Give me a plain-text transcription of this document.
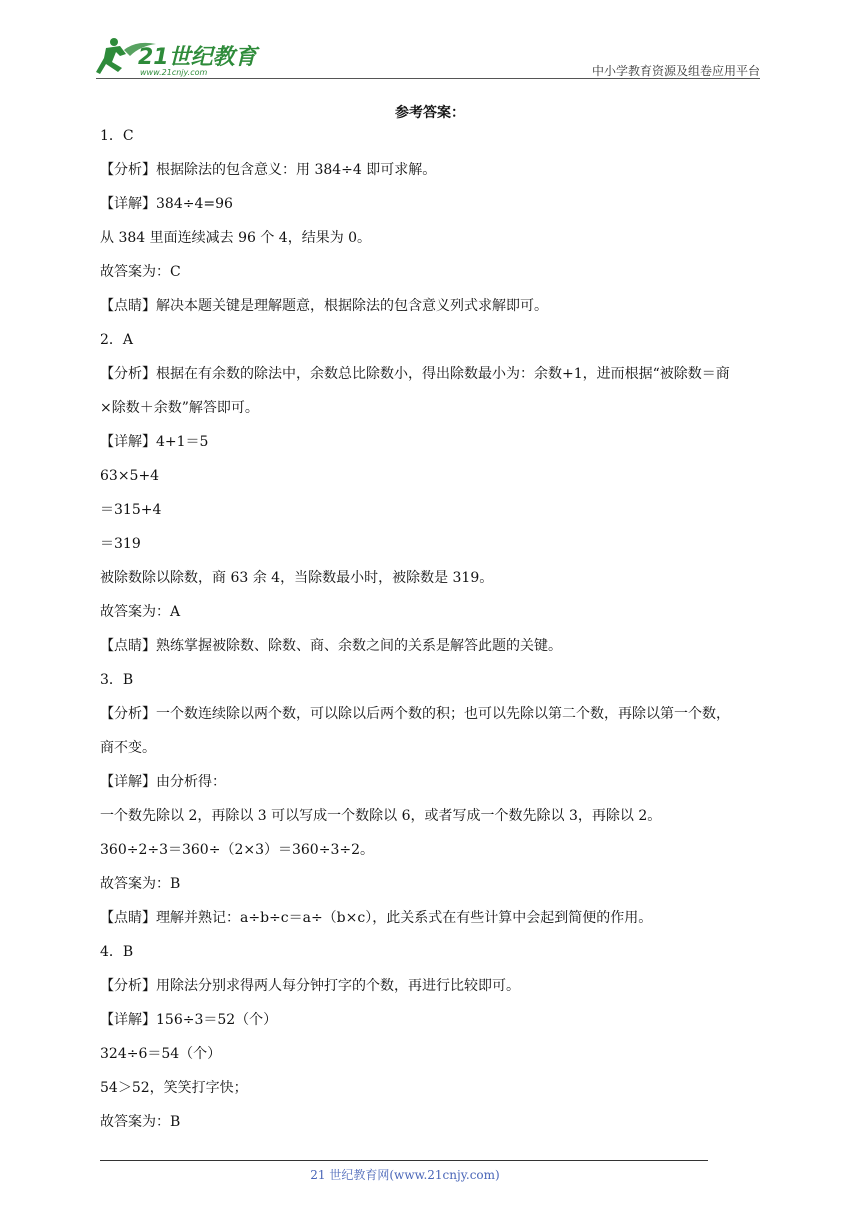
21世纪教育
www.21cnjy.com	中小学教育资源及组卷应用平台
参考答案：
1．C
【分析】根据除法的包含意义：用 384÷4 即可求解。
【详解】384÷4=96
从 384 里面连续减去 96 个 4，结果为 0。
故答案为：C
【点睛】解决本题关键是理解题意，根据除法的包含意义列式求解即可。
2．A
【分析】根据在有余数的除法中，余数总比除数小，得出除数最小为：余数+1，进而根据“被除数＝商
×除数＋余数”解答即可。
【详解】4+1＝5
63×5+4
＝315+4
＝319
被除数除以除数，商 63 余 4，当除数最小时，被除数是 319。
故答案为：A
【点睛】熟练掌握被除数、除数、商、余数之间的关系是解答此题的关键。
3．B
【分析】一个数连续除以两个数，可以除以后两个数的积；也可以先除以第二个数，再除以第一个数，
商不变。
【详解】由分析得：
一个数先除以 2，再除以 3 可以写成一个数除以 6，或者写成一个数先除以 3，再除以 2。
360÷2÷3＝360÷（2×3）＝360÷3÷2。
故答案为：B
【点睛】理解并熟记：a÷b÷c＝a÷（b×c），此关系式在有些计算中会起到简便的作用。
4．B
【分析】用除法分别求得两人每分钟打字的个数，再进行比较即可。
【详解】156÷3＝52（个）
324÷6＝54（个）
54＞52，笑笑打字快；
故答案为：B
21 世纪教育网(www.21cnjy.com)
